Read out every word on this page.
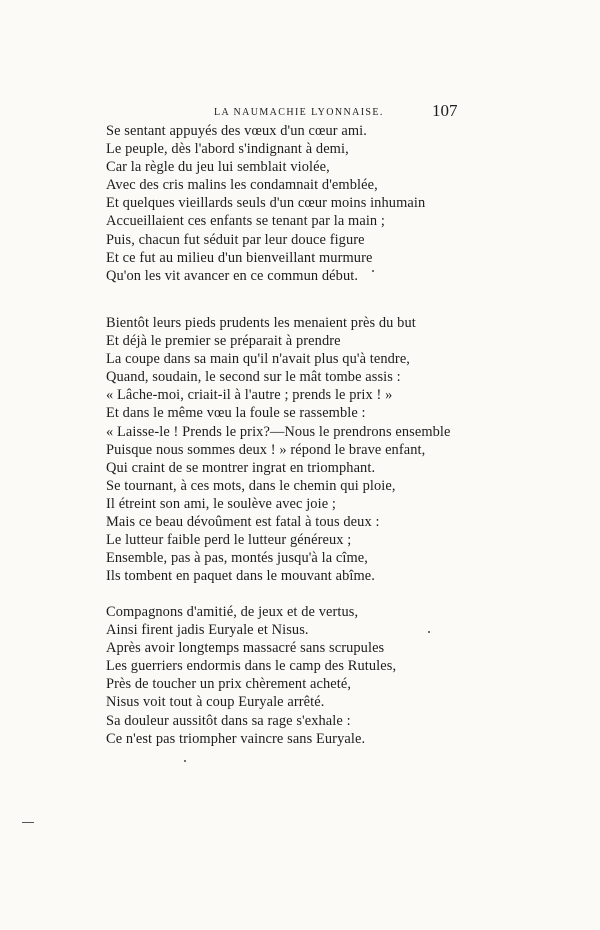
LA NAUMACHIE LYONNAISE.	107
Se sentant appuyés des vœux d'un cœur ami.
Le peuple, dès l'abord s'indignant à demi,
Car la règle du jeu lui semblait violée,
Avec des cris malins les condamnait d'emblée,
Et quelques vieillards seuls d'un cœur moins inhumain
Accueillaient ces enfants se tenant par la main ;
Puis, chacun fut séduit par leur douce figure
Et ce fut au milieu d'un bienveillant murmure
Qu'on les vit avancer en ce commun début.
Bientôt leurs pieds prudents les menaient près du but
Et déjà le premier se préparait à prendre
La coupe dans sa main qu'il n'avait plus qu'à tendre,
Quand, soudain, le second sur le mât tombe assis :
« Lâche-moi, criait-il à l'autre ; prends le prix ! »
Et dans le même vœu la foule se rassemble :
« Laisse-le ! Prends le prix?—Nous le prendrons ensemble
Puisque nous sommes deux ! » répond le brave enfant,
Qui craint de se montrer ingrat en triomphant.
Se tournant, à ces mots, dans le chemin qui ploie,
Il étreint son ami, le soulève avec joie ;
Mais ce beau dévoûment est fatal à tous deux :
Le lutteur faible perd le lutteur généreux ;
Ensemble, pas à pas, montés jusqu'à la cîme,
Ils tombent en paquet dans le mouvant abîme.
Compagnons d'amitié, de jeux et de vertus,
Ainsi firent jadis Euryale et Nisus.
Après avoir longtemps massacré sans scrupules
Les guerriers endormis dans le camp des Rutules,
Près de toucher un prix chèrement acheté,
Nisus voit tout à coup Euryale arrêté.
Sa douleur aussitôt dans sa rage s'exhale :
Ce n'est pas triompher vaincre sans Euryale.
